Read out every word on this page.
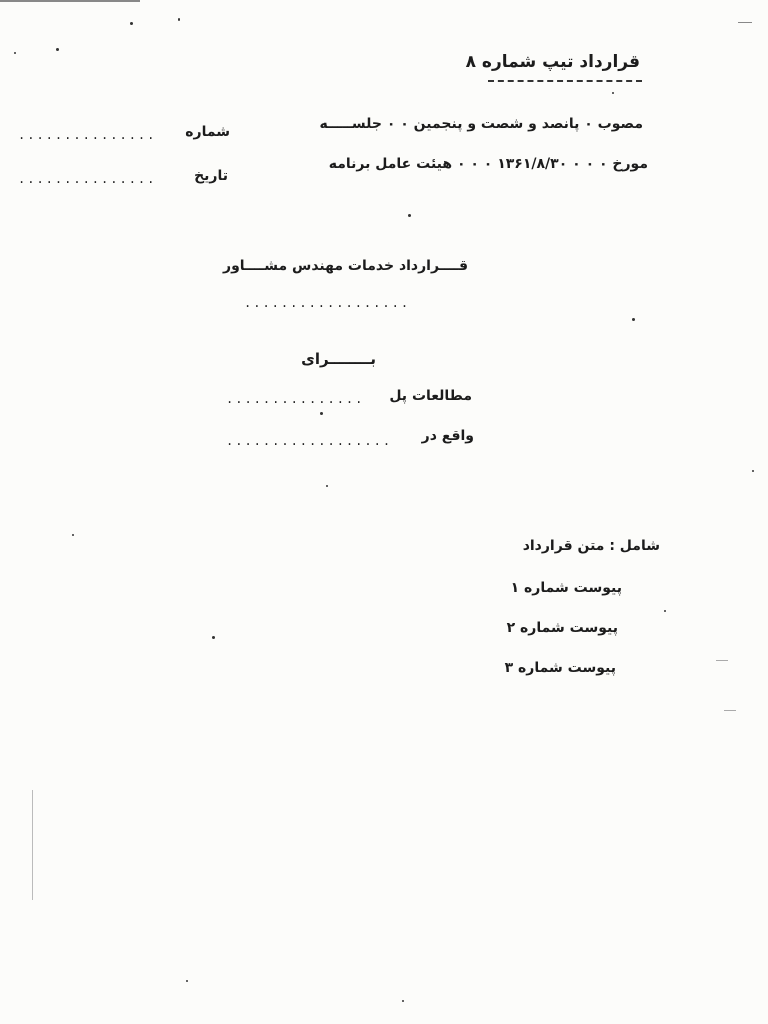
قرارداد تیپ شماره ۸
مصوب ۰ پانصد و شصت و پنجمین ۰ ۰ جلســـــه
مورخ ۰ ۰ ۰ ۱۳۶۱/۸/۳۰ ۰ ۰ ۰ هیئت عامل برنامه
شماره
...............
تاریخ
...............
قــــرارداد خدمات مهندس مشــــاور
..................
بــــــــرای
مطالعات پل
...............
واقع در
..................
شامل : متن قرارداد
پیوست شماره ۱
پیوست شماره ۲
پیوست شماره ۳
